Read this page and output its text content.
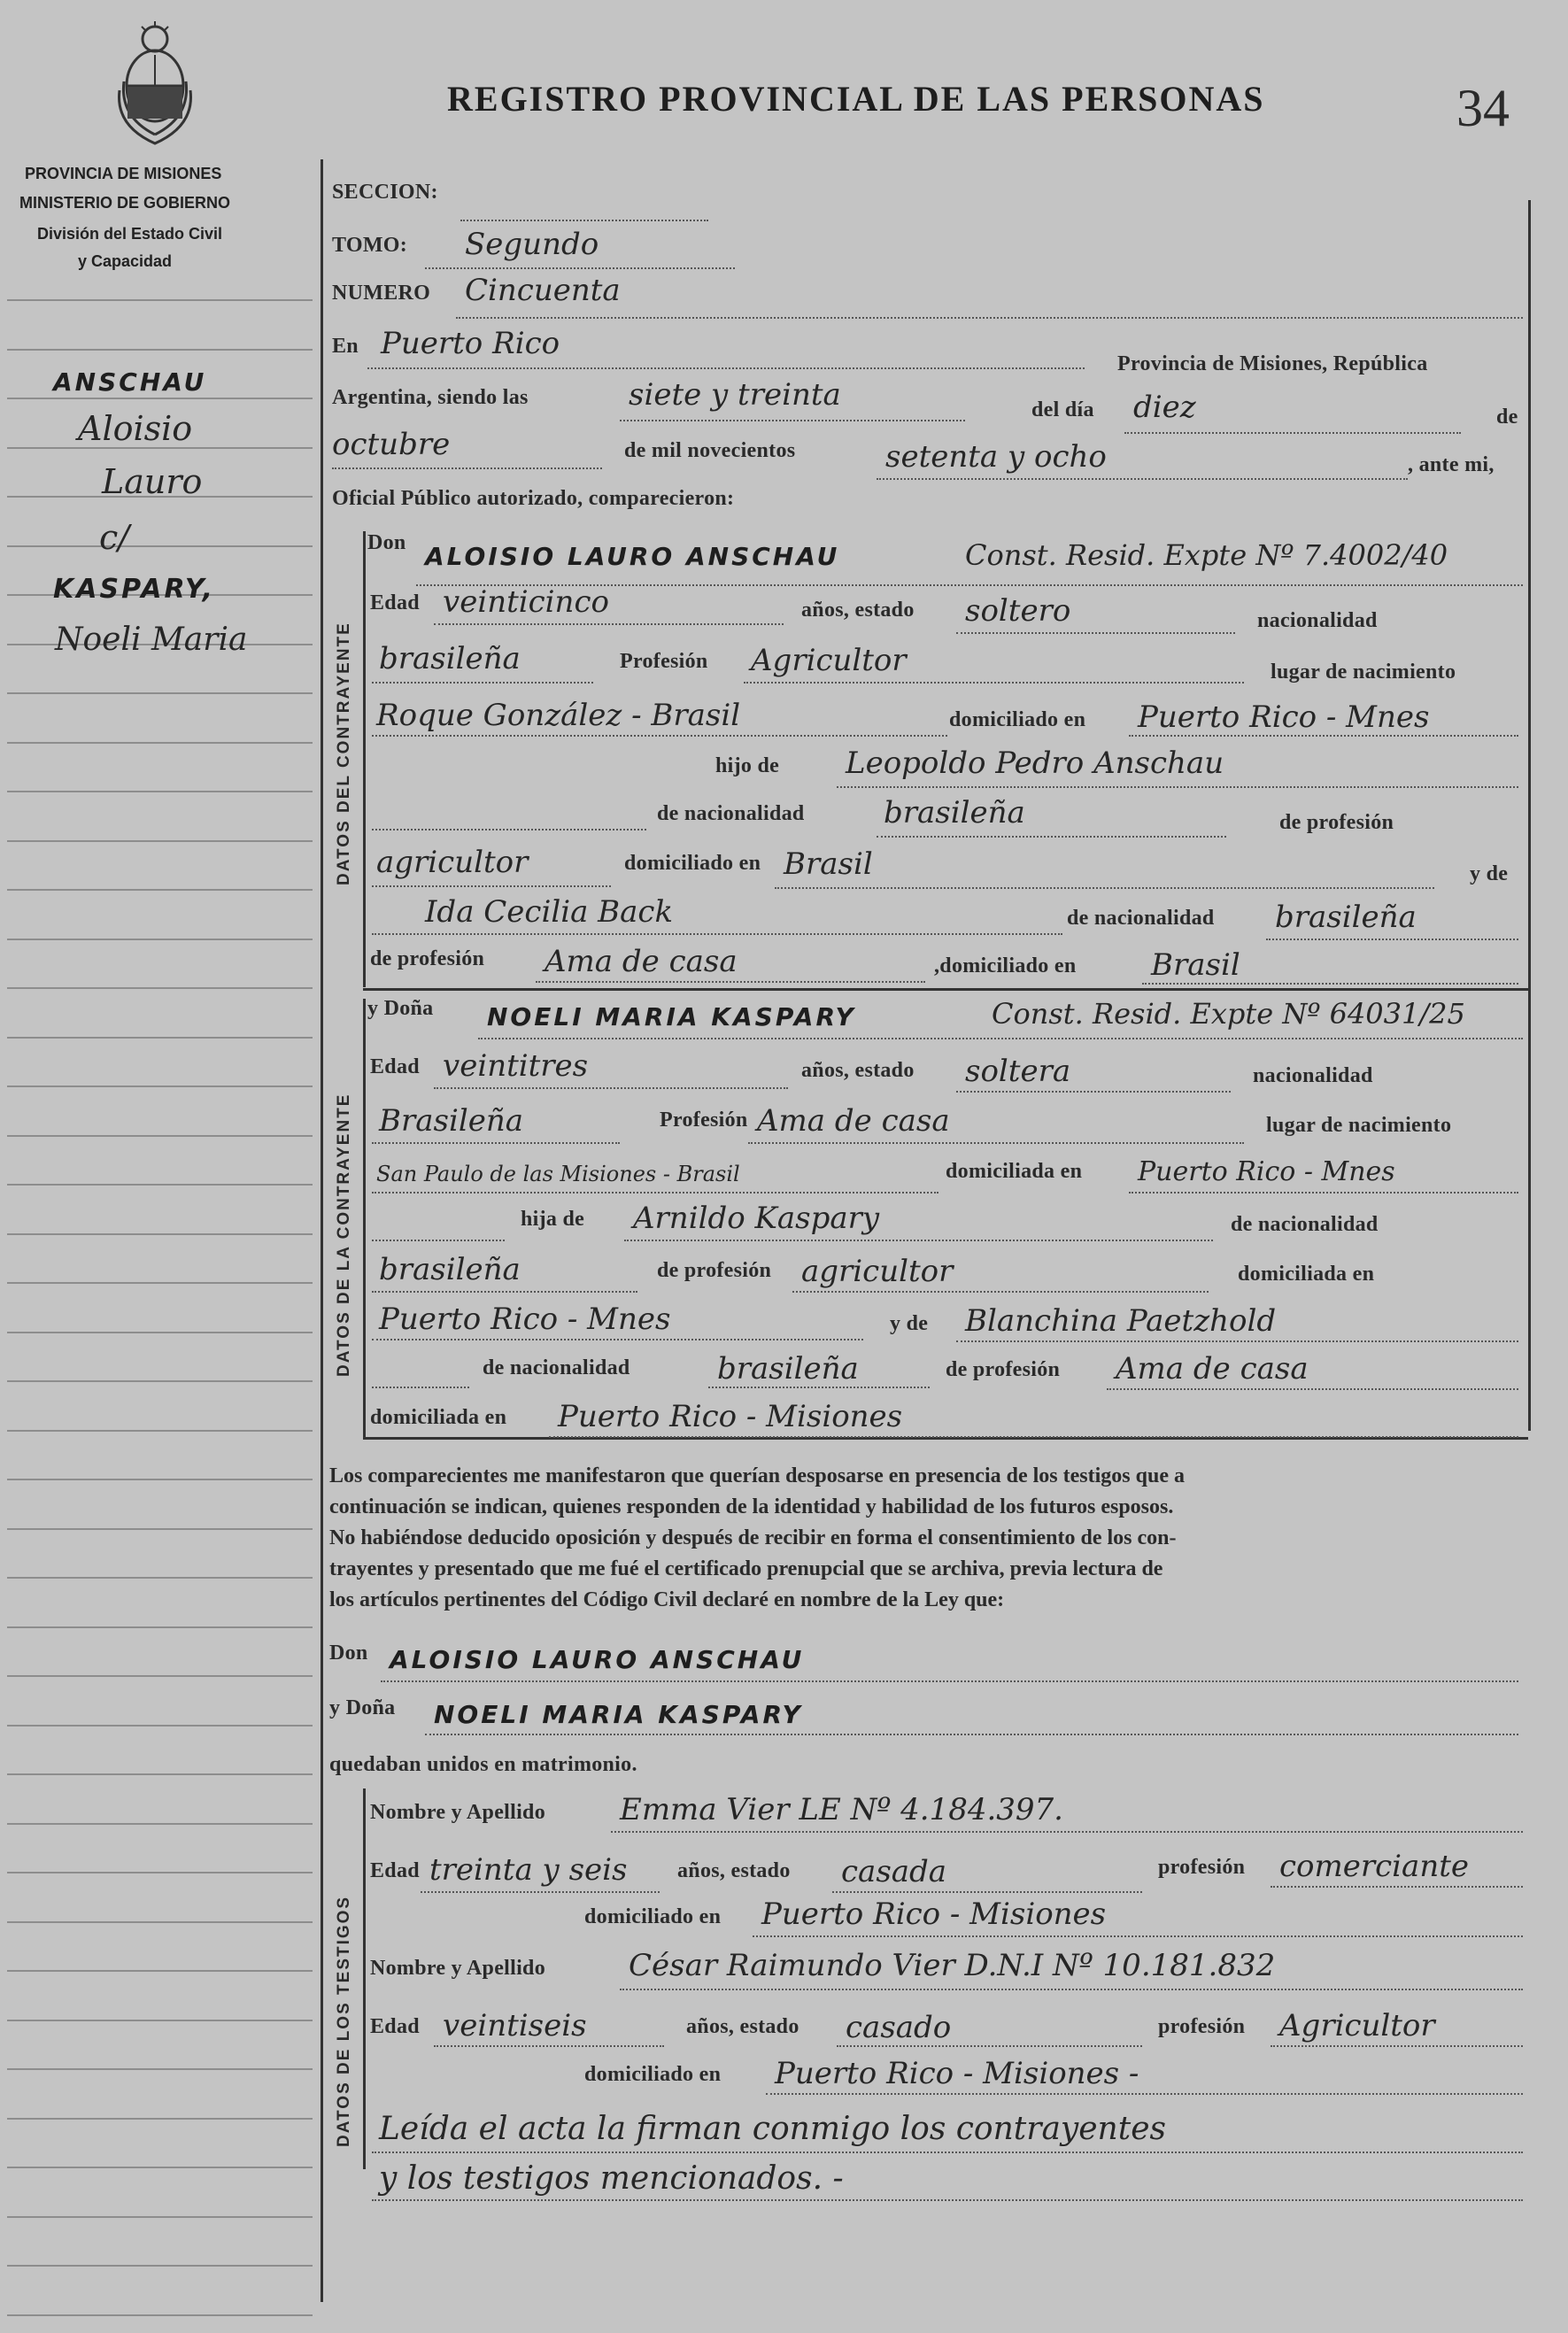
PROVINCIA DE MISIONES
MINISTERIO DE GOBIERNO
División del Estado Civil
y Capacidad
REGISTRO PROVINCIAL DE LAS PERSONAS	34
ANSCHAU
Aloisio
Lauro
c/
KASPARY,
Noeli Maria	DATOS DEL CONTRAYENTE
DATOS DE LA CONTRAYENTE
DATOS DE LOS TESTIGOS
SECCION:
TOMO: Segundo
NUMERO Cincuenta
En Puerto Rico
Provincia de Misiones, República
Argentina, siendo las	siete y treinta	del día diez	de
octubre	de mil novecientos	setenta y ocho	, ante mi,
Oficial Público autorizado, comparecieron:
Don ALOISIO LAURO ANSCHAU	Const. Resid. Expte Nº 7.4002/40
Edad veinticinco	años, estado soltero	nacionalidad
brasileña	Profesión Agricultor	lugar de nacimiento
Roque González - Brasil	domiciliado en Puerto Rico - Mnes
hijo de Leopoldo Pedro Anschau
de nacionalidad	brasileña	de profesión
agricultor	domiciliado en Brasil	y de
Ida Cecilia Back	de nacionalidad brasileña
de profesión Ama de casa	,domiciliado en Brasil
y Doña NOELI MARIA KASPARY	Const. Resid. Expte Nº 64031/25
Edad veintitres	años, estado soltera	nacionalidad
Brasileña	Profesión Ama de casa	lugar de nacimiento
San Paulo de las Misiones - Brasil	domiciliada en Puerto Rico - Mnes
hija de Arnildo Kaspary	de nacionalidad
brasileña	de profesión agricultor	domiciliada en
Puerto Rico - Mnes	y de Blanchina Paetzhold
de nacionalidad	brasileña	de profesión Ama de casa
domiciliada en Puerto Rico - Misiones
Los comparecientes me manifestaron que querían desposarse en presencia de los testigos que a
continuación se indican, quienes responden de la identidad y habilidad de los futuros esposos.
No habiéndose deducido oposición y después de recibir en forma el consentimiento de los con-
trayentes y presentado que me fué el certificado prenupcial que se archiva, previa lectura de
los artículos pertinentes del Código Civil declaré en nombre de la Ley que:
Don ALOISIO LAURO ANSCHAU
y Doña NOELI MARIA KASPARY
quedaban unidos en matrimonio.
Nombre y Apellido Emma Vier LE Nº 4.184.397.
Edad treinta y seis años, estado casada	profesión comerciante
domiciliado en Puerto Rico - Misiones
Nombre y Apellido	César Raimundo Vier D.N.I Nº 10.181.832
Edad veintiseis	años, estado casado	profesión Agricultor
domiciliado en Puerto Rico - Misiones -
Leída el acta la firman conmigo los contrayentes
y los testigos mencionados. -
